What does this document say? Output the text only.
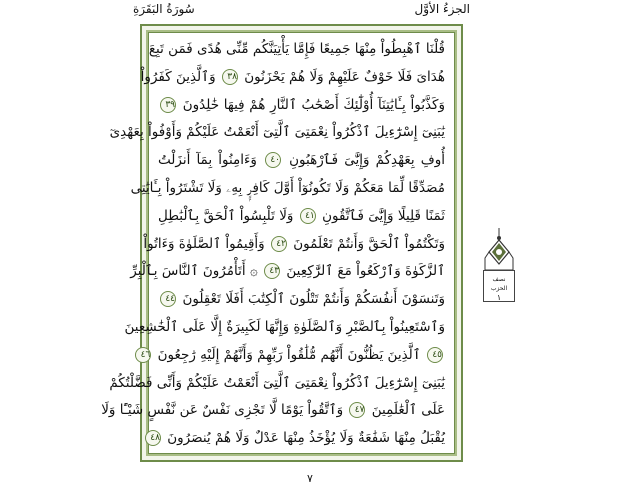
سُورَةُ البَقَرَةِ	الجزءُ الأوَّل
قُلْنَا ٱهْبِطُواْ مِنْهَا جَمِيعًا فَإِمَّا يَأْتِيَنَّكُم مِّنِّى هُدًى فَمَن تَبِعَ
هُدَاىَ فَلَا خَوْفٌ عَلَيْهِمْ وَلَا هُمْ يَحْزَنُونَ ٣٨ وَٱلَّذِينَ كَفَرُواْ
وَكَذَّبُواْ بِـَٔايَٰتِنَآ أُوْلَٰٓئِكَ أَصْحَٰبُ ٱلنَّارِ هُمْ فِيهَا خَٰلِدُونَ ٣٩
يَٰبَنِىٓ إِسْرَٰٓءِيلَ ٱذْكُرُواْ نِعْمَتِىَ ٱلَّتِىٓ أَنْعَمْتُ عَلَيْكُمْ وَأَوْفُواْ بِعَهْدِىٓ
أُوفِ بِعَهْدِكُمْ وَإِيَّٰىَ فَٱرْهَبُونِ ٤٠ وَءَامِنُواْ بِمَآ أَنزَلْتُ
مُصَدِّقًا لِّمَا مَعَكُمْ وَلَا تَكُونُوٓاْ أَوَّلَ كَافِرٍۭ بِهِۦ وَلَا تَشْتَرُواْ بِـَٔايَٰتِى
ثَمَنًا قَلِيلًا وَإِيَّٰىَ فَٱتَّقُونِ ٤١ وَلَا تَلْبِسُواْ ٱلْحَقَّ بِٱلْبَٰطِلِ
وَتَكْتُمُواْ ٱلْحَقَّ وَأَنتُمْ تَعْلَمُونَ ٤٢ وَأَقِيمُواْ ٱلصَّلَوٰةَ وَءَاتُواْ
ٱلزَّكَوٰةَ وَٱرْكَعُواْ مَعَ ٱلرَّٰكِعِينَ ٤٣ ۞ أَتَأْمُرُونَ ٱلنَّاسَ بِٱلْبِرِّ
وَتَنسَوْنَ أَنفُسَكُمْ وَأَنتُمْ تَتْلُونَ ٱلْكِتَٰبَ أَفَلَا تَعْقِلُونَ ٤٤
وَٱسْتَعِينُواْ بِٱلصَّبْرِ وَٱلصَّلَوٰةِ وَإِنَّهَا لَكَبِيرَةٌ إِلَّا عَلَى ٱلْخَٰشِعِينَ
٤٥ ٱلَّذِينَ يَظُنُّونَ أَنَّهُم مُّلَٰقُواْ رَبِّهِمْ وَأَنَّهُمْ إِلَيْهِ رَٰجِعُونَ ٤٦
يَٰبَنِىٓ إِسْرَٰٓءِيلَ ٱذْكُرُواْ نِعْمَتِىَ ٱلَّتِىٓ أَنْعَمْتُ عَلَيْكُمْ وَأَنِّى فَضَّلْتُكُمْ
عَلَى ٱلْعَٰلَمِينَ ٤٧ وَٱتَّقُواْ يَوْمًا لَّا تَجْزِى نَفْسٌ عَن نَّفْسٍ شَيْـًٔا وَلَا
يُقْبَلُ مِنْهَا شَفَٰعَةٌ وَلَا يُؤْخَذُ مِنْهَا عَدْلٌ وَلَا هُمْ يُنصَرُونَ ٤٨
نصف الحزب
١
٧
